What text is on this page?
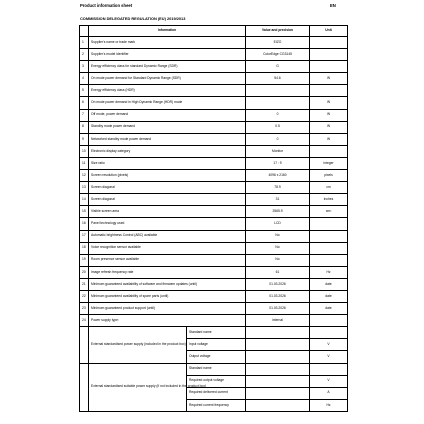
Product information sheet	EN
COMMISSION DELEGATED REGULATION (EU) 2019/2013
	Information		Value and precision	Unit
1	Supplier's name or trade mark		EIZO	
2	Supplier's model identifier		ColorEdge CG3145	
3	Energy efficiency class for standard Dynamic Range (SDR)		G	
4	On mode power demand for Standard Dynamic Range (SDR)		54.6	W
5	Energy efficiency class (HDR)			
6	On mode power demand in High Dynamic Range (HDR) mode			W
7	Off mode, power demand		0	W
8	Standby mode power demand		0.5	W
9	Networked standby mode power demand		0	W
10	Electronic display category		Monitor	
11	Size ratio		17 : 9	integer
12	Screen resolution (pixels)		4096 x 2160	pixels
13	Screen diagonal		78.9	cm
14	Screen diagonal		31	inches
15	Visible screen area		2565.9	cm²
16	Panel technology used		LCD	
17	Automatic brightness Control (ABC) available		No	
18	Voice recognition sensor available		No	
19	Room presence sensor available		No	
20	Image refresh frequency rate		61	Hz
21	Minimum guaranteed availability of software and firmware updates (until)		01.03.2026	date
22	Minimum guaranteed availability of spare parts (until)		01.03.2026	date
23	Minimum guaranteed product support (until)		01.03.2026	date
24	Power supply type:		internal	
	External standardised power supply (included in the product box)	Standard name		
		Input voltage		V
		Output voltage		V
	External standardised suitable power supply (if not included in the product box)	Standard name		
		Required output voltage		V
		Required delivered current		A
		Required current frequency		Hz
